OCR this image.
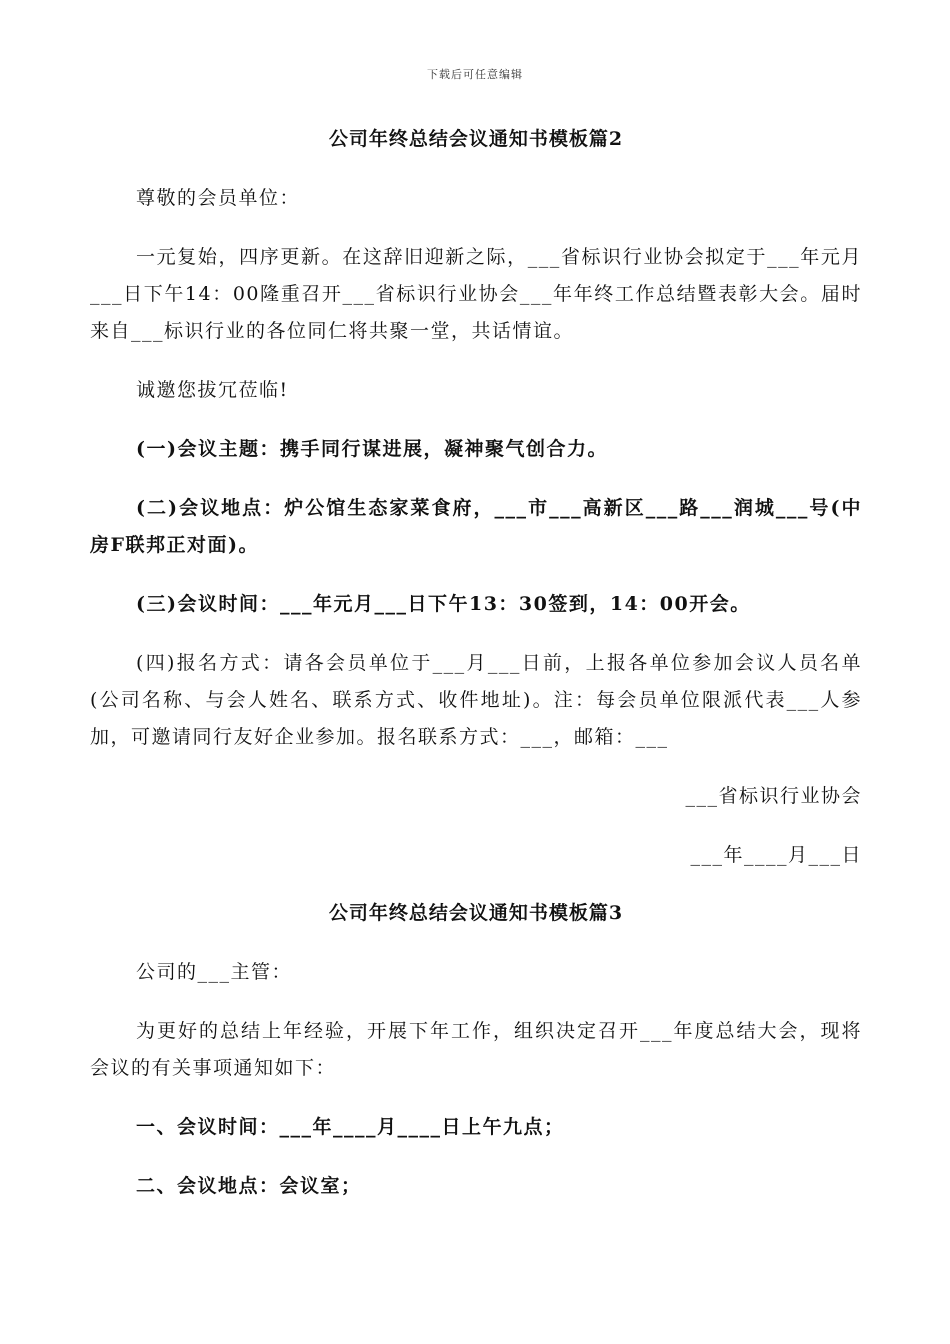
下载后可任意编辑
公司年终总结会议通知书模板篇2

尊敬的会员单位：

一元复始，四序更新。在这辞旧迎新之际，___省标识行业协会拟定于___年元月___日下午14：00隆重召开___省标识行业协会___年年终工作总结暨表彰大会。届时来自___标识行业的各位同仁将共聚一堂，共话情谊。

诚邀您拔冗莅临!

(一)会议主题：携手同行谋进展，凝神聚气创合力。

(二)会议地点：炉公馆生态家菜食府，___市___高新区___路___润城___号(中房F联邦正对面)。

(三)会议时间：___年元月___日下午13：30签到，14：00开会。

(四)报名方式：请各会员单位于___月___日前，上报各单位参加会议人员名单(公司名称、与会人姓名、联系方式、收件地址)。注：每会员单位限派代表___人参加，可邀请同行友好企业参加。报名联系方式：___，邮箱：___

___省标识行业协会

___年____月___日

公司年终总结会议通知书模板篇3

公司的___主管：

为更好的总结上年经验，开展下年工作，组织决定召开___年度总结大会，现将会议的有关事项通知如下：

一、会议时间：___年____月____日上午九点；

二、会议地点：会议室；
